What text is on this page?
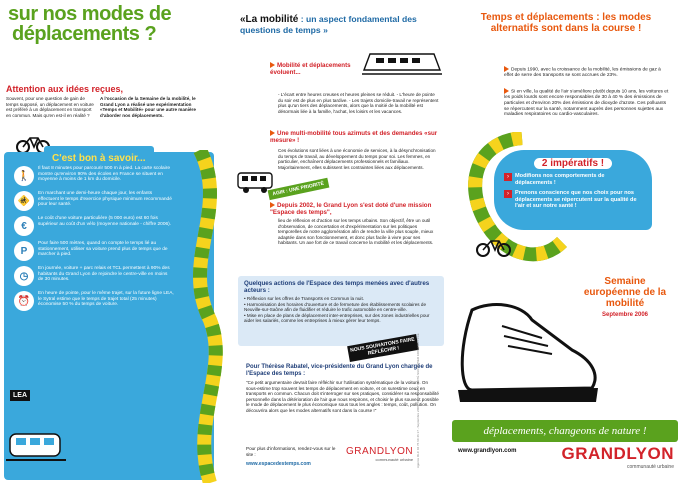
sur nos modes de
déplacements ?
Attention aux idées reçues,
Souvent, pour une question de gain de temps supposé, un déplacement en voiture est préféré à un déplacement en transport en commun. Mais qu'en est-il en réalité ?
A l'occasion de la Semaine de la mobilité, le Grand Lyon a réalisé une expérimentation «Temps et Mobilité» pour une autre manière d'aborder nos déplacements.
C'est bon à savoir...
🚶
Il faut 8 minutes pour parcourir 500 m à pied. La carte scolaire montre qu'environ 90% des écoles en France se situent en moyenne à moins de 1 km du domicile.
🚸
En marchant une demi-heure chaque jour, les enfants effectuent le temps d'exercice physique minimum recommandé pour leur santé.
€
Le coût d'une voiture particulière (5 000 euro) est 60 fois supérieur au coût d'un vélo (moyenne nationale - chiffre 2006).
P
Pour faire 500 mètres, quand on compte le temps lié au stationnement, utiliser sa voiture prend plus de temps que de marcher à pied.
◷
En journée, voiture + parc relais et TCL permettent à 90% des habitants du Grand Lyon de rejoindre le centre-ville en moins de 30 minutes.
⏰
En heure de pointe, pour le même trajet, sur la future ligne LEA, le Sytral estime que le temps de trajet total (25 minutes) économise 50 % du temps de voiture.
LEA
«La mobilité : un aspect fondamental des questions de temps »
Mobilité et déplacements évoluent...
- L'écart entre heures creuses et heures pleines se réduit. - L'heure de pointe du soir est de plus en plus tardive. - Les trajets domicile-travail ne représentent plus qu'un tiers des déplacements, alors que la moitié de la mobilité est désormais liée à la famille, l'achat, les loisirs et les vacances.
Une multi-mobilité tous azimuts et des demandes «sur mesure» !
Ces évolutions sont liées à une économie de services, à la désynchronisation du temps de travail, au développement du temps pour soi. Les femmes, en particulier, enchaînent déplacements professionnels et familiaux. Majoritairement, elles subissent les contraintes liées aux déplacements.
AGIR : UNE PRIORITÉ
Depuis 2002, le Grand Lyon s'est doté d'une mission "Espace des temps",
lieu de réflexion et d'action sur les temps urbains. Son objectif, être un outil d'observation, de concertation et d'expérimentation sur les politiques temporelles de notre agglomération afin de rendre la ville plus souple, mieux adaptée dans son fonctionnement, et donc plus facile à vivre pour ses habitants. Un axe fort de ce travail concerne la mobilité et les déplacements.
Quelques actions de l'Espace des temps menées avec d'autres acteurs :
• Réflexion sur les offres de Transports en Commun la nuit.
• Harmonisation des horaires d'ouverture et de fermeture des établissements scolaires de Neuville-sur-Saône afin de fluidifier et réduire le trafic automobile en centre-ville.
• Mise en place de plans de déplacement inter-entreprises, sur des zones industrielles pour aider les salariés, comme les entreprises à mieux gérer leur temps.
NOUS SOUHAITONS FAIRE RÉFLÉCHIR !
Pour Thérèse Rabatel, vice-présidente du Grand Lyon chargée de l'Espace des temps :
"Ce petit argumentaire devrait faire réfléchir sur l'utilisation systématique de la voiture. On sous-estime trop souvent les temps de déplacement en voiture, et on surestime ceux en transports en commun. Chacun doit s'interroger sur ses pratiques, considérer sa responsabilité personnelle dans la détérioration de l'air que nous respirons, et choisir le plus souvent possible le mode de déplacement le plus économique sous tous les angles : temps, coût, pollution. On découvrira alors que les modes alternatifs sont dans la course !"
Pour plus d'informations, rendez-vous sur le site :
www.espacedestemps.com
GRANDLYON
communauté urbaine Agence RLC 04 76 60 46 17 - Septembre 2006 - DOCUMENT ÉDITÉ SUR PAPIER 100% RECYCLÉ
Temps et déplacements : les modes alternatifs sont dans la course !
Depuis 1990, avec la croissance de la mobilité, les émissions de gaz à effet de serre des transports se sont accrues de 23%.
Si en ville, la qualité de l'air s'améliore plutôt depuis 10 ans, les voitures et les poids lourds sont encore responsables de 30 à 40 % des émissions de particules et d'environ 20% des émissions de dioxyde d'azote. Ces polluants se répercutent sur la santé, notamment auprès des personnes sujettes aux maladies respiratoires ou cardio-vasculaires.
2 impératifs !
›	Modifions nos comportements de déplacements !
›	Prenons conscience que nos choix pour nos déplacements se répercutent sur la qualité de l'air et sur notre santé !
Semaine européenne de la mobilité
Septembre 2006
déplacements, changeons de nature !
www.grandlyon.com	GRANDLYON
communauté urbaine
